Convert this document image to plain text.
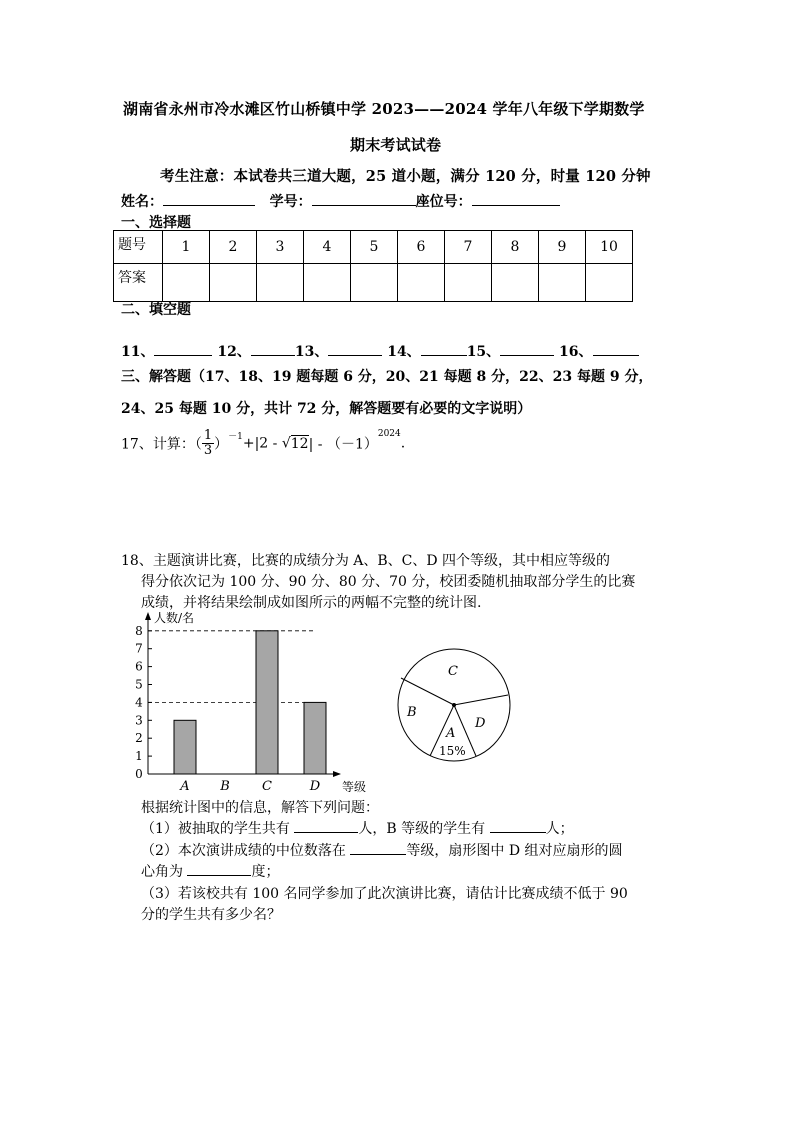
湖南省永州市冷水滩区竹山桥镇中学 2023——2024 学年八年级下学期数学
期末考试试卷
考生注意：本试卷共三道大题，25 道小题，满分 120 分，时量 120 分钟
姓名：	学号：	座位号：
一、选择题
题号	1	2	3	4	5	6	7	8	9	10
答案										
二、填空题
11、	12、	13、	14、	15、	16、
三、解答题（17、18、19 题每题 6 分，20、21 每题 8 分，22、23 每题 9 分，
24、25 每题 10 分，共计 72 分，解答题要有必要的文字说明）
17、计算：（ $\frac{1}{3} )^{-1}+|2 - √12| - (-1)^{2024}$.
18、主题演讲比赛，比赛的成绩分为 A、B、C、D 四个等级，其中相应等级的
得分依次记为 100 分、90 分、80 分、70 分，校团委随机抽取部分学生的比赛
成绩，并将结果绘制成如图所示的两幅不完整的统计图.
人数/名
等级
0
1
2
3
4
5
6
7
8
A B C	D
C
B
A
15%
D
根据统计图中的信息，解答下列问题：
（1）被抽取的学生共有	人，B 等级的学生有	人；
（2）本次演讲成绩的中位数落在	等级，扇形图中 D 组对应扇形的圆
心角为	度；
（3）若该校共有 100 名同学参加了此次演讲比赛，请估计比赛成绩不低于 90
分的学生共有多少名？
